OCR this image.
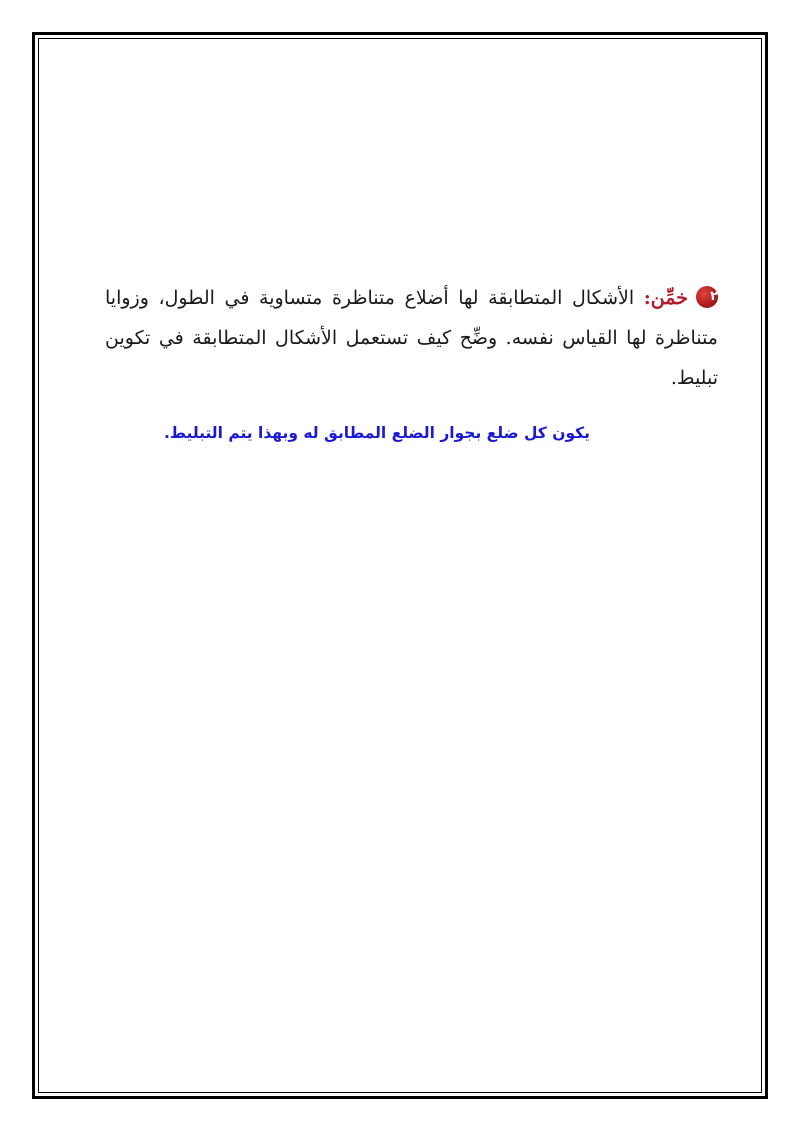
٢خمِّن: الأشكال المتطابقة لها أضلاع متناظرة متساوية في الطول، وزوايا متناظرة لها القياس نفسه. وضِّح كيف تستعمل الأشكال المتطابقة في تكوين تبليط.
يكون كل ضلع بجوار الضلع المطابق له وبهذا يتم التبليط.
